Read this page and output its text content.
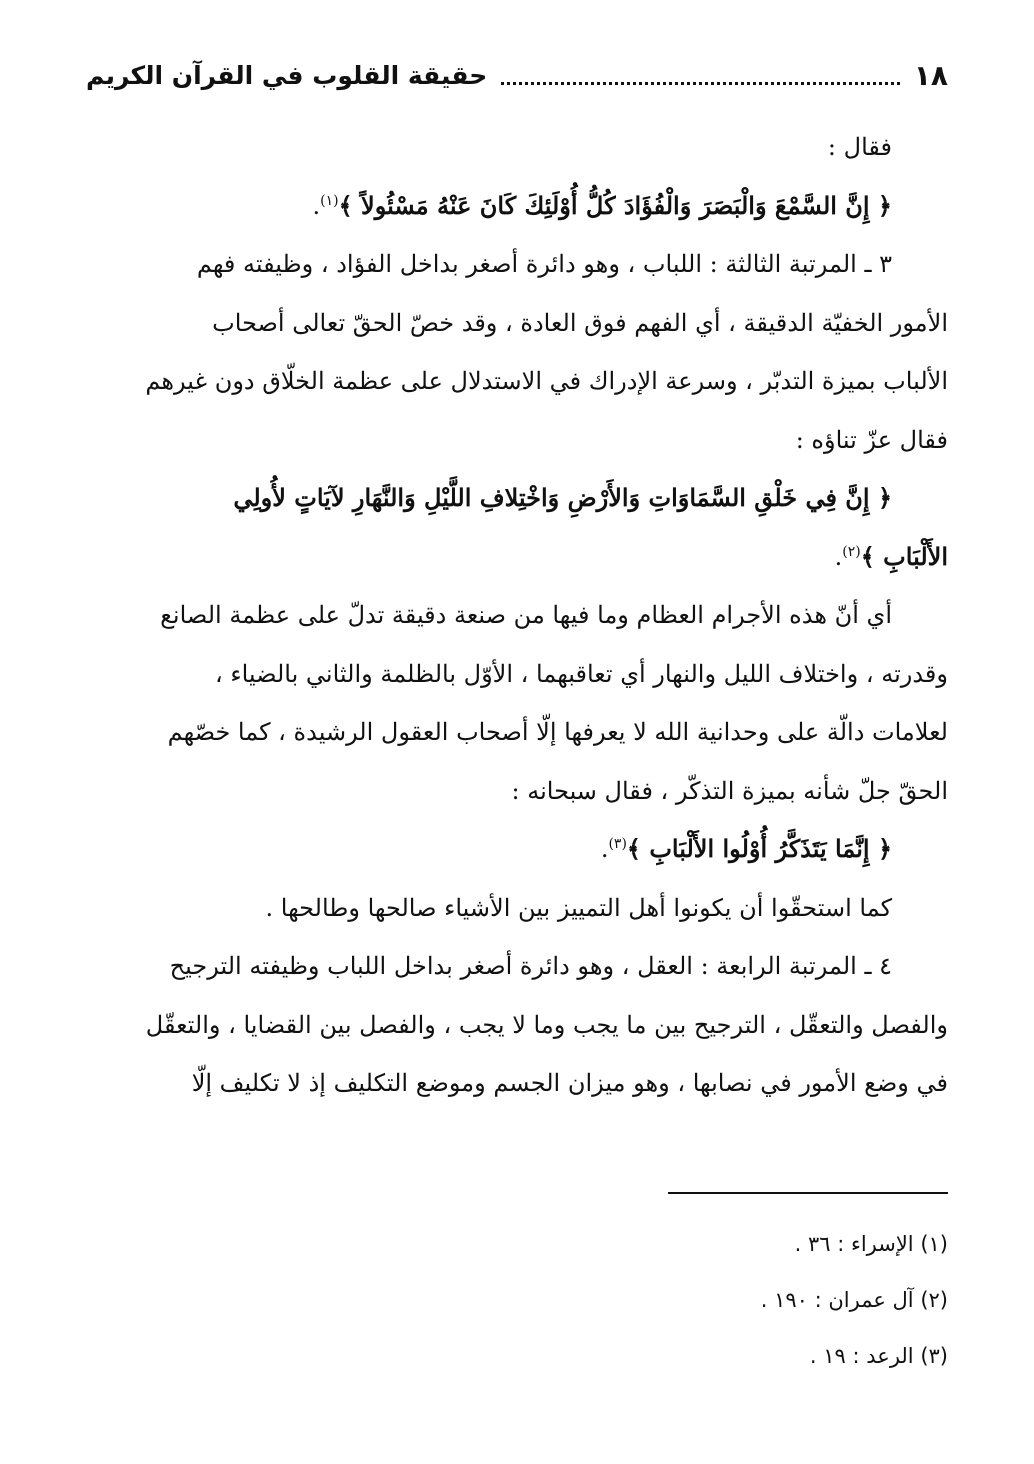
١٨
حقيقة القلوب في القرآن الكريم
فقال :
﴿ إِنَّ السَّمْعَ وَالْبَصَرَ وَالْفُؤَادَ كُلُّ أُوْلَئِكَ كَانَ عَنْهُ مَسْئُولاً ﴾$^{(١)}$.
٣ ـ المرتبة الثالثة : اللباب ، وهو دائرة أصغر بداخل الفؤاد ، وظيفته فهم
الأمور الخفيّة الدقيقة ، أي الفهم فوق العادة ، وقد خصّ الحقّ تعالى أصحاب
الألباب بميزة التدبّر ، وسرعة الإدراك في الاستدلال على عظمة الخلّاق دون غيرهم
فقال عزّ تناؤه :
﴿ إِنَّ فِي خَلْقِ السَّمَاوَاتِ وَالأَرْضِ وَاخْتِلافِ اللَّيْلِ وَالنَّهَارِ لآيَاتٍ لأُولِي
الأَلْبَابِ ﴾$^{(٢)}$.
أي أنّ هذه الأجرام العظام وما فيها من صنعة دقيقة تدلّ على عظمة الصانع
وقدرته ، واختلاف الليل والنهار أي تعاقبهما ، الأوّل بالظلمة والثاني بالضياء ،
لعلامات دالّة على وحدانية الله لا يعرفها إلّا أصحاب العقول الرشيدة ، كما خصّهم
الحقّ جلّ شأنه بميزة التذكّر ، فقال سبحانه :
﴿ إِنَّمَا يَتَذَكَّرُ أُوْلُوا الأَلْبَابِ ﴾$^{(٣)}$.
كما استحقّوا أن يكونوا أهل التمييز بين الأشياء صالحها وطالحها .
٤ ـ المرتبة الرابعة : العقل ، وهو دائرة أصغر بداخل اللباب وظيفته الترجيح
والفصل والتعقّل ، الترجيح بين ما يجب وما لا يجب ، والفصل بين القضايا ، والتعقّل
في وضع الأمور في نصابها ، وهو ميزان الجسم وموضع التكليف إذ لا تكليف إلّا
(١) الإسراء : ٣٦ .
(٢) آل عمران : ١٩٠ .
(٣) الرعد : ١٩ .
